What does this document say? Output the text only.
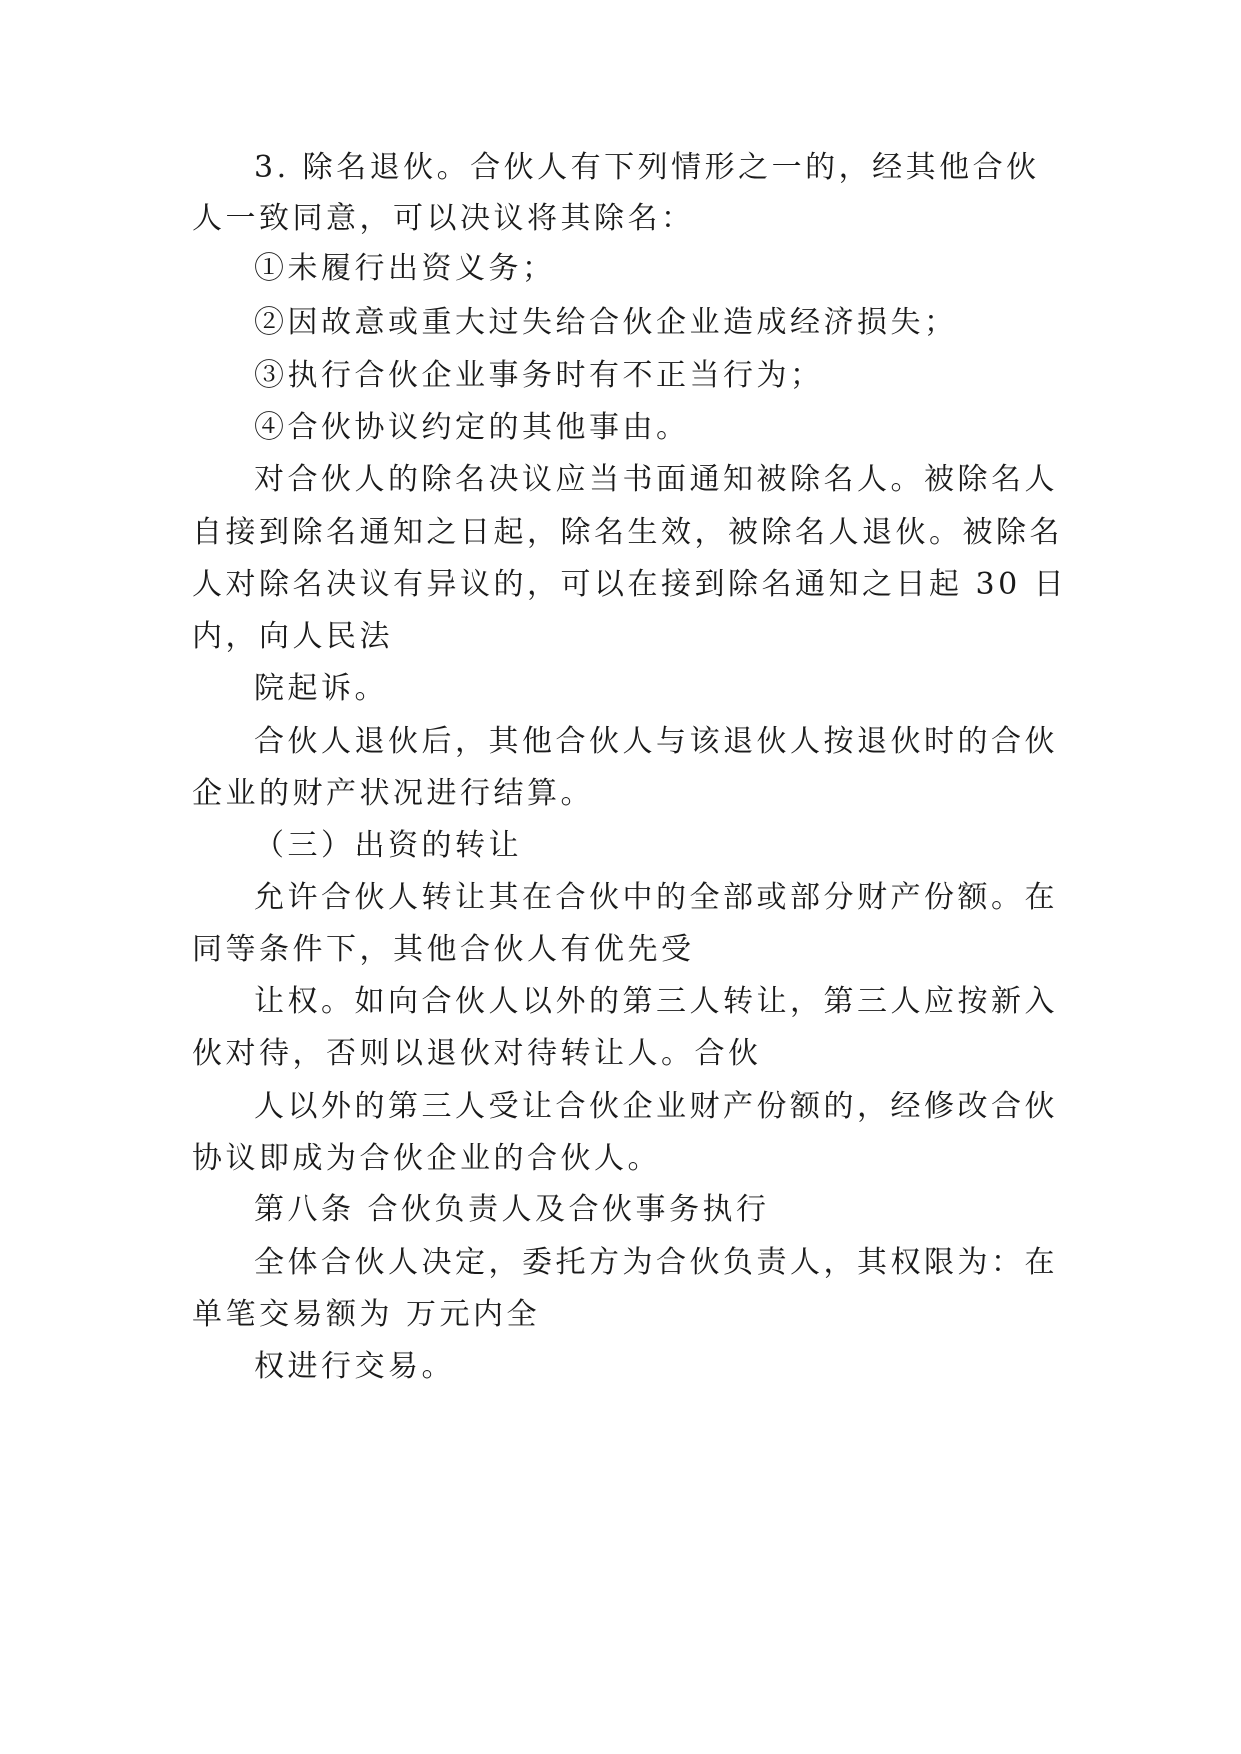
3. 除名退伙。合伙人有下列情形之一的，经其他合伙

人一致同意，可以决议将其除名：

①未履行出资义务；

②因故意或重大过失给合伙企业造成经济损失；

③执行合伙企业事务时有不正当行为；

④合伙协议约定的其他事由。

对合伙人的除名决议应当书面通知被除名人。被除名人

自接到除名通知之日起，除名生效，被除名人退伙。被除名

人对除名决议有异议的，可以在接到除名通知之日起 30 日

内，向人民法

院起诉。

合伙人退伙后，其他合伙人与该退伙人按退伙时的合伙

企业的财产状况进行结算。

（三）出资的转让

允许合伙人转让其在合伙中的全部或部分财产份额。在

同等条件下，其他合伙人有优先受

让权。如向合伙人以外的第三人转让，第三人应按新入

伙对待，否则以退伙对待转让人。合伙

人以外的第三人受让合伙企业财产份额的，经修改合伙

协议即成为合伙企业的合伙人。

第八条 合伙负责人及合伙事务执行

全体合伙人决定，委托方为合伙负责人，其权限为：在

单笔交易额为 万元内全

权进行交易。
